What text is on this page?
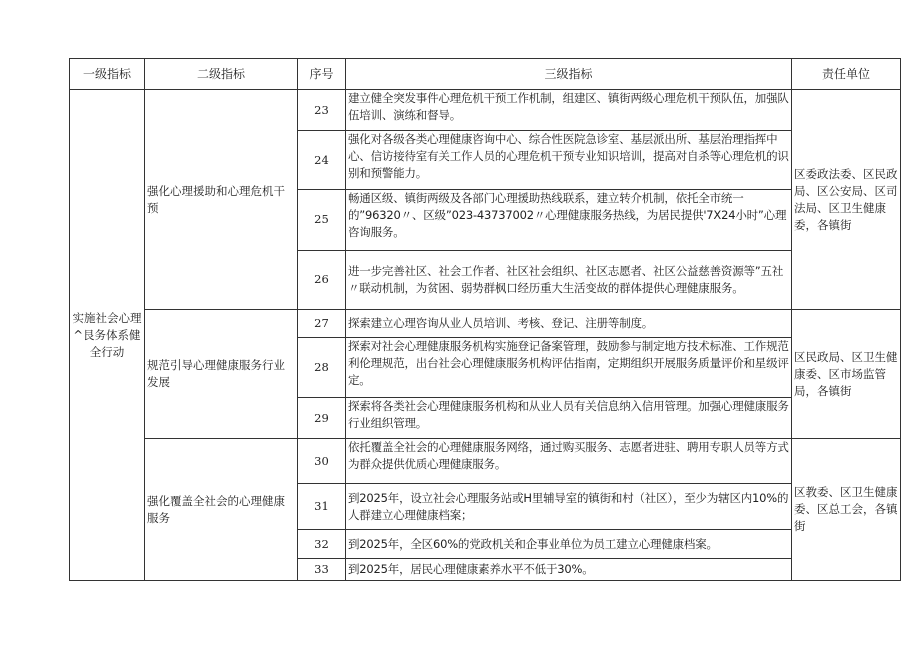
一级指标	二级指标	序号	三级指标	责任单位
实施社会心理^艮务体系健全行动	强化心理援助和心理危机干预	23	建立健全突发事件心理危机干预工作机制，组建区、镇街两级心理危机干预队伍，加强队伍培训、演练和督导。	区委政法委、区民政局、区公安局、区司法局、区卫生健康委，各镇街
		24	强化对各级各类心理健康咨询中心、综合性医院急诊室、基层派出所、基层治理指挥中心、信访接待室有关工作人员的心理危机干预专业知识培训，提高对自杀等心理危机的识别和预警能力。	
		25	畅通区级、镇街两级及各部门心理援助热线联系，建立转介机制，依托全市统一的”96320〃、区级”023-43737002〃心理健康服务热线，为居民提供'7X24小时”心理咨询服务。	
		26	进一步完善社区、社会工作者、社区社会组织、社区志愿者、社区公益慈善资源等”五社〃联动机制，为贫困、弱势群枫口经历重大生活变故的群体提供心理健康服务。	
	规范引导心理健康服务行业发展	27	探索建立心理咨询从业人员培训、考核、登记、注册等制度。	区民政局、区卫生健康委、区市场监管局，各镇街
		28	探索对社会心理健康服务机构实施登记备案管理，鼓励参与制定地方技术标准、工作规范利伦理规范，出台社会心理健康服务机构评估指南，定期组织开展服务质量评价和星级评定。	
		29	探索将各类社会心理健康服务机构和从业人员有关信息纳入信用管理。加强心理健康服务行业组织管理。	
	强化覆盖全社会的心理健康服务	30	依托覆盖全社会的心理健康服务网络，通过购买服务、志愿者进驻、聘用专职人员等方式为群众提供优质心理健康服务。	区教委、区卫生健康委、区总工会，各镇街
		31	到2025年，设立社会心理服务站或H里辅导室的镇街和村（社区），至少为辖区内10%的人群建立心理健康档案；	
		32	到2025年，全区60%的党政机关和企事业单位为员工建立心理健康档案。	
		33	到2025年，居民心理健康素养水平不低于30%。	
